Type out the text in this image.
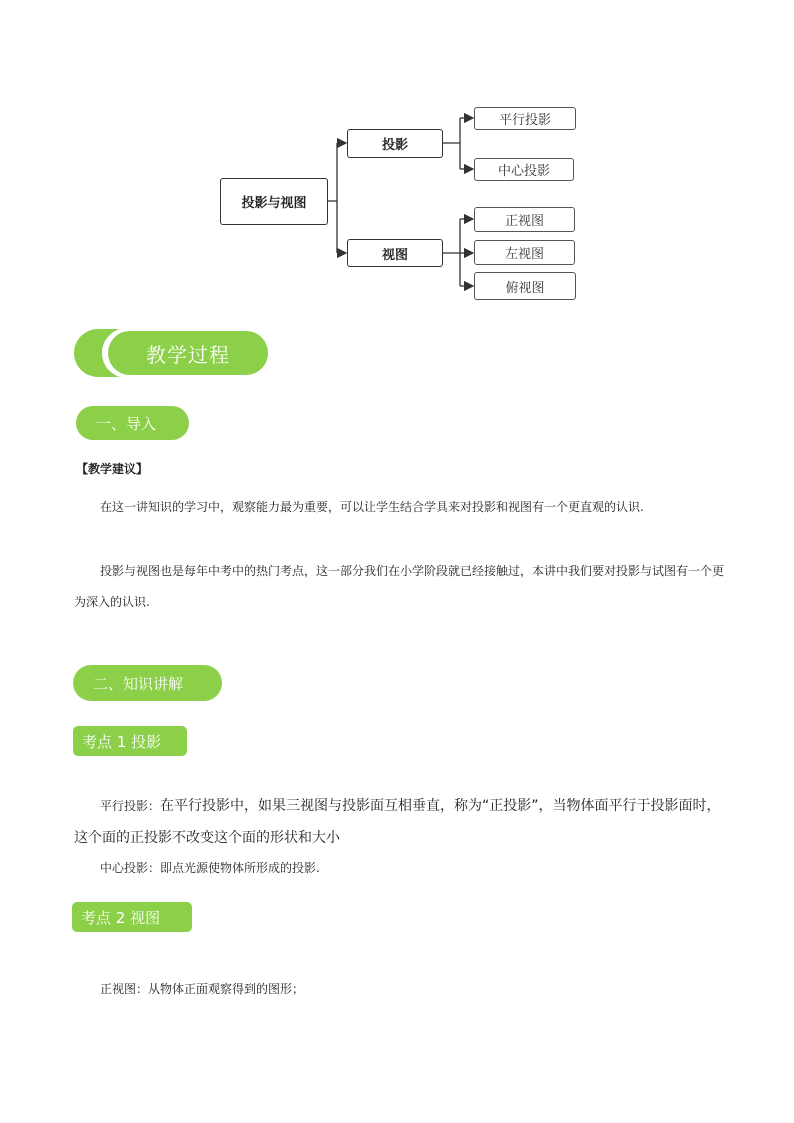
投影与视图
投影
视图
平行投影
中心投影
正视图
左视图
俯视图
教学过程
一、导入
【教学建议】
在这一讲知识的学习中，观察能力最为重要，可以让学生结合学具来对投影和视图有一个更直观的认识.
投影与视图也是每年中考中的热门考点，这一部分我们在小学阶段就已经接触过，本讲中我们要对投影与试图有一个更为深入的认识.
二、知识讲解
考点 1 投影
平行投影：在平行投影中，如果三视图与投影面互相垂直，称为“正投影”，当物体面平行于投影面时，这个面的正投影不改变这个面的形状和大小
中心投影：即点光源使物体所形成的投影.
考点 2 视图
正视图：从物体正面观察得到的图形；
